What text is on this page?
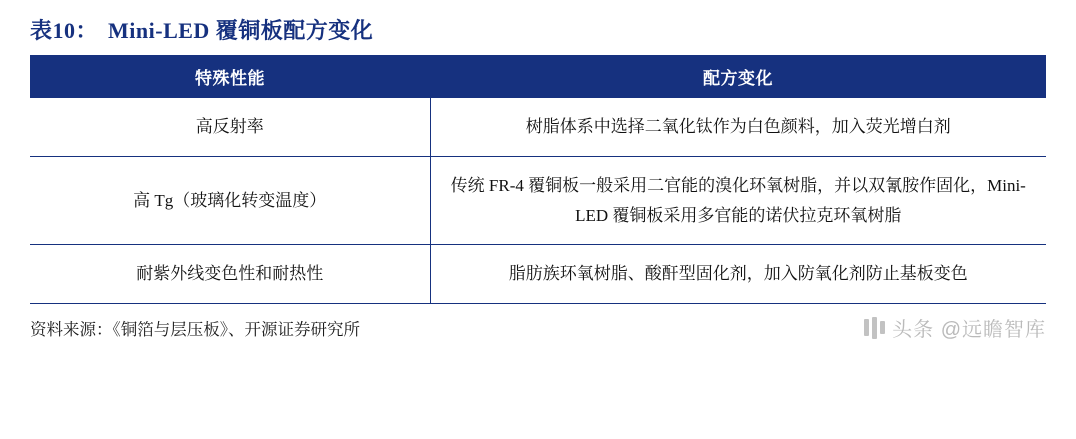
表10： Mini-LED 覆铜板配方变化
特殊性能	配方变化
高反射率	树脂体系中选择二氧化钛作为白色颜料，加入荧光增白剂
高 Tg（玻璃化转变温度）	传统 FR-4 覆铜板一般采用二官能的溴化环氧树脂，并以双氰胺作固化，Mini-LED 覆铜板采用多官能的诺伏拉克环氧树脂
耐紫外线变色性和耐热性	脂肪族环氧树脂、酸酐型固化剂，加入防氧化剂防止基板变色
资料来源：《铜箔与层压板》、开源证券研究所	头条 @远瞻智库
